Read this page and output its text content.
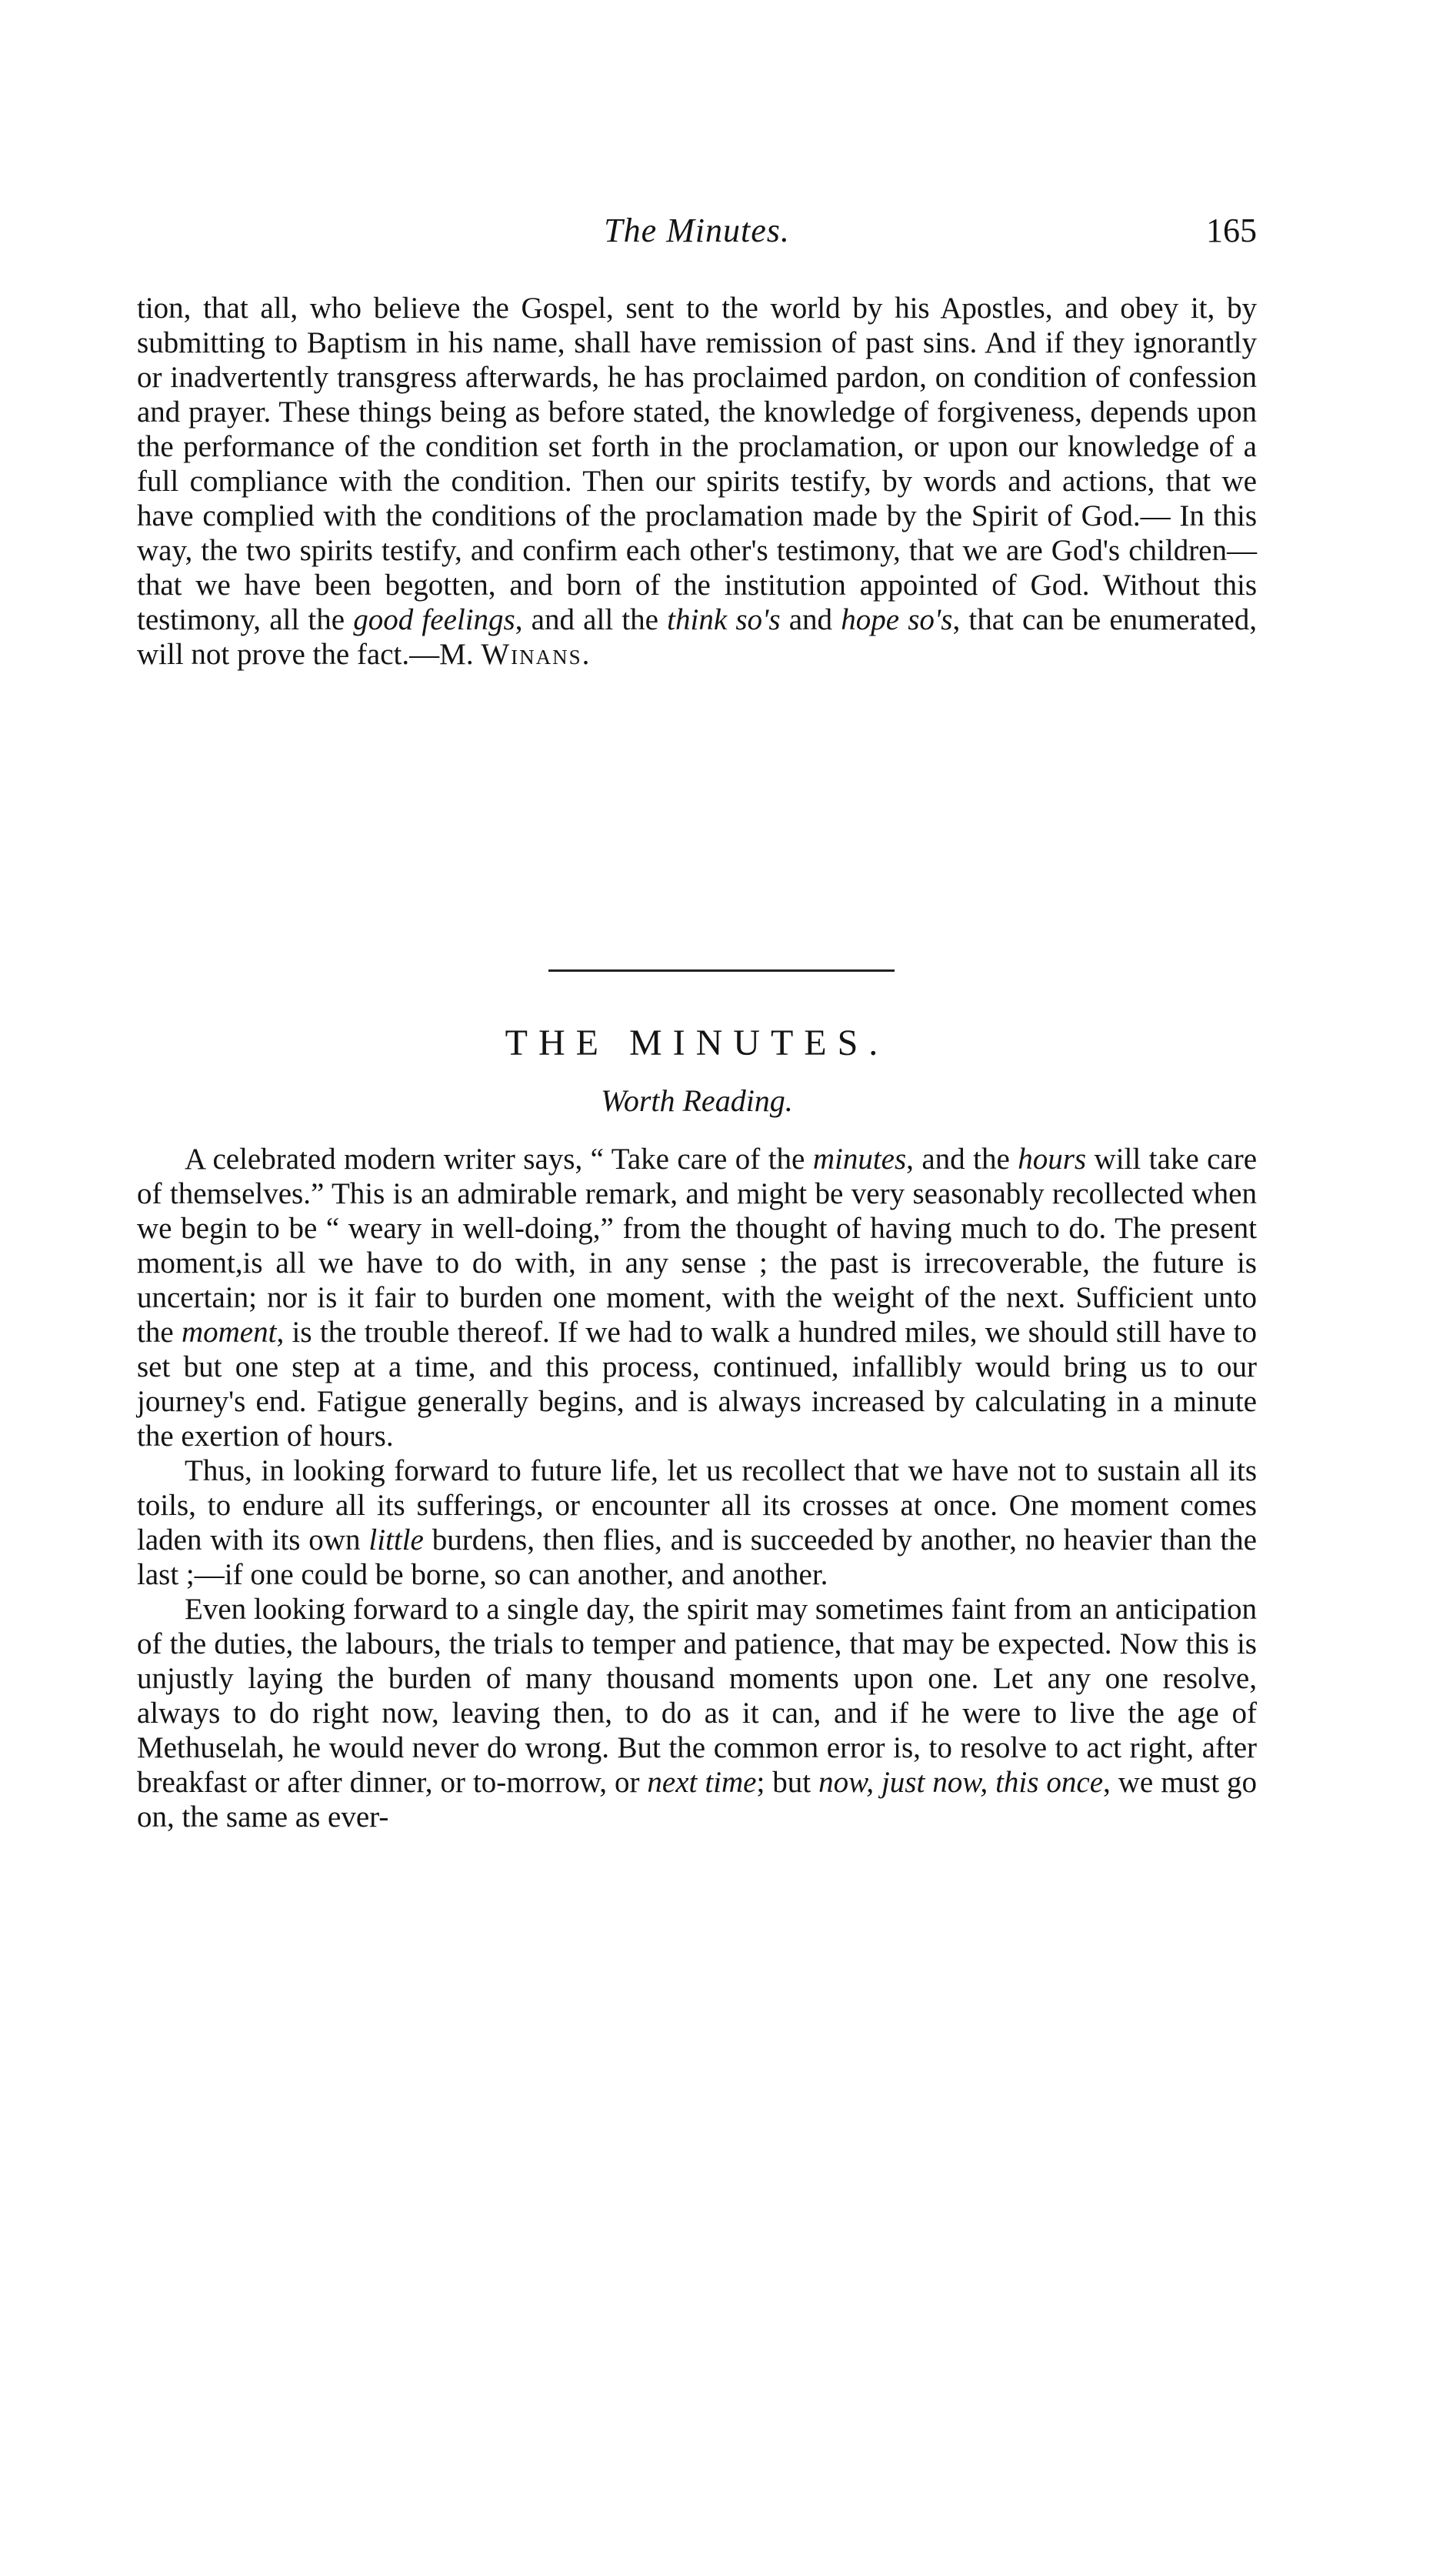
The Minutes.	165

tion, that all, who believe the Gospel, sent to the world by his Apostles, and obey it, by submitting to Baptism in his name, shall have remission of past sins. And if they ignorantly or inadvertently transgress afterwards, he has proclaimed pardon, on condition of confession and prayer. These things being as before stated, the knowledge of forgiveness, depends upon the performance of the condition set forth in the proclamation, or upon our knowledge of a full compliance with the condition. Then our spirits testify, by words and actions, that we have complied with the conditions of the proclamation made by the Spirit of God.— In this way, the two spirits testify, and confirm each other's testimony, that we are God's children—that we have been begotten, and born of the institution appointed of God. Without this testimony, all the good feelings, and all the think so's and hope so's, that can be enumerated, will not prove the fact.—M. Winans.

THE MINUTES.
Worth Reading.

A celebrated modern writer says, “ Take care of the minutes, and the hours will take care of themselves.” This is an admirable remark, and might be very seasonably recollected when we begin to be “ weary in well-doing,” from the thought of having much to do. The present moment,is all we have to do with, in any sense ; the past is irrecoverable, the future is uncertain; nor is it fair to burden one moment, with the weight of the next. Sufficient unto the moment, is the trouble thereof. If we had to walk a hundred miles, we should still have to set but one step at a time, and this process, continued, infallibly would bring us to our journey's end. Fatigue generally begins, and is always increased by calculating in a minute the exertion of hours.

Thus, in looking forward to future life, let us recollect that we have not to sustain all its toils, to endure all its sufferings, or encounter all its crosses at once. One moment comes laden with its own little burdens, then flies, and is succeeded by another, no heavier than the last ;—if one could be borne, so can another, and another.

Even looking forward to a single day, the spirit may sometimes faint from an anticipation of the duties, the labours, the trials to temper and patience, that may be expected. Now this is unjustly laying the burden of many thousand moments upon one. Let any one resolve, always to do right now, leaving then, to do as it can, and if he were to live the age of Methuselah, he would never do wrong. But the common error is, to resolve to act right, after breakfast or after dinner, or to-morrow, or next time; but now, just now, this once, we must go on, the same as ever-
